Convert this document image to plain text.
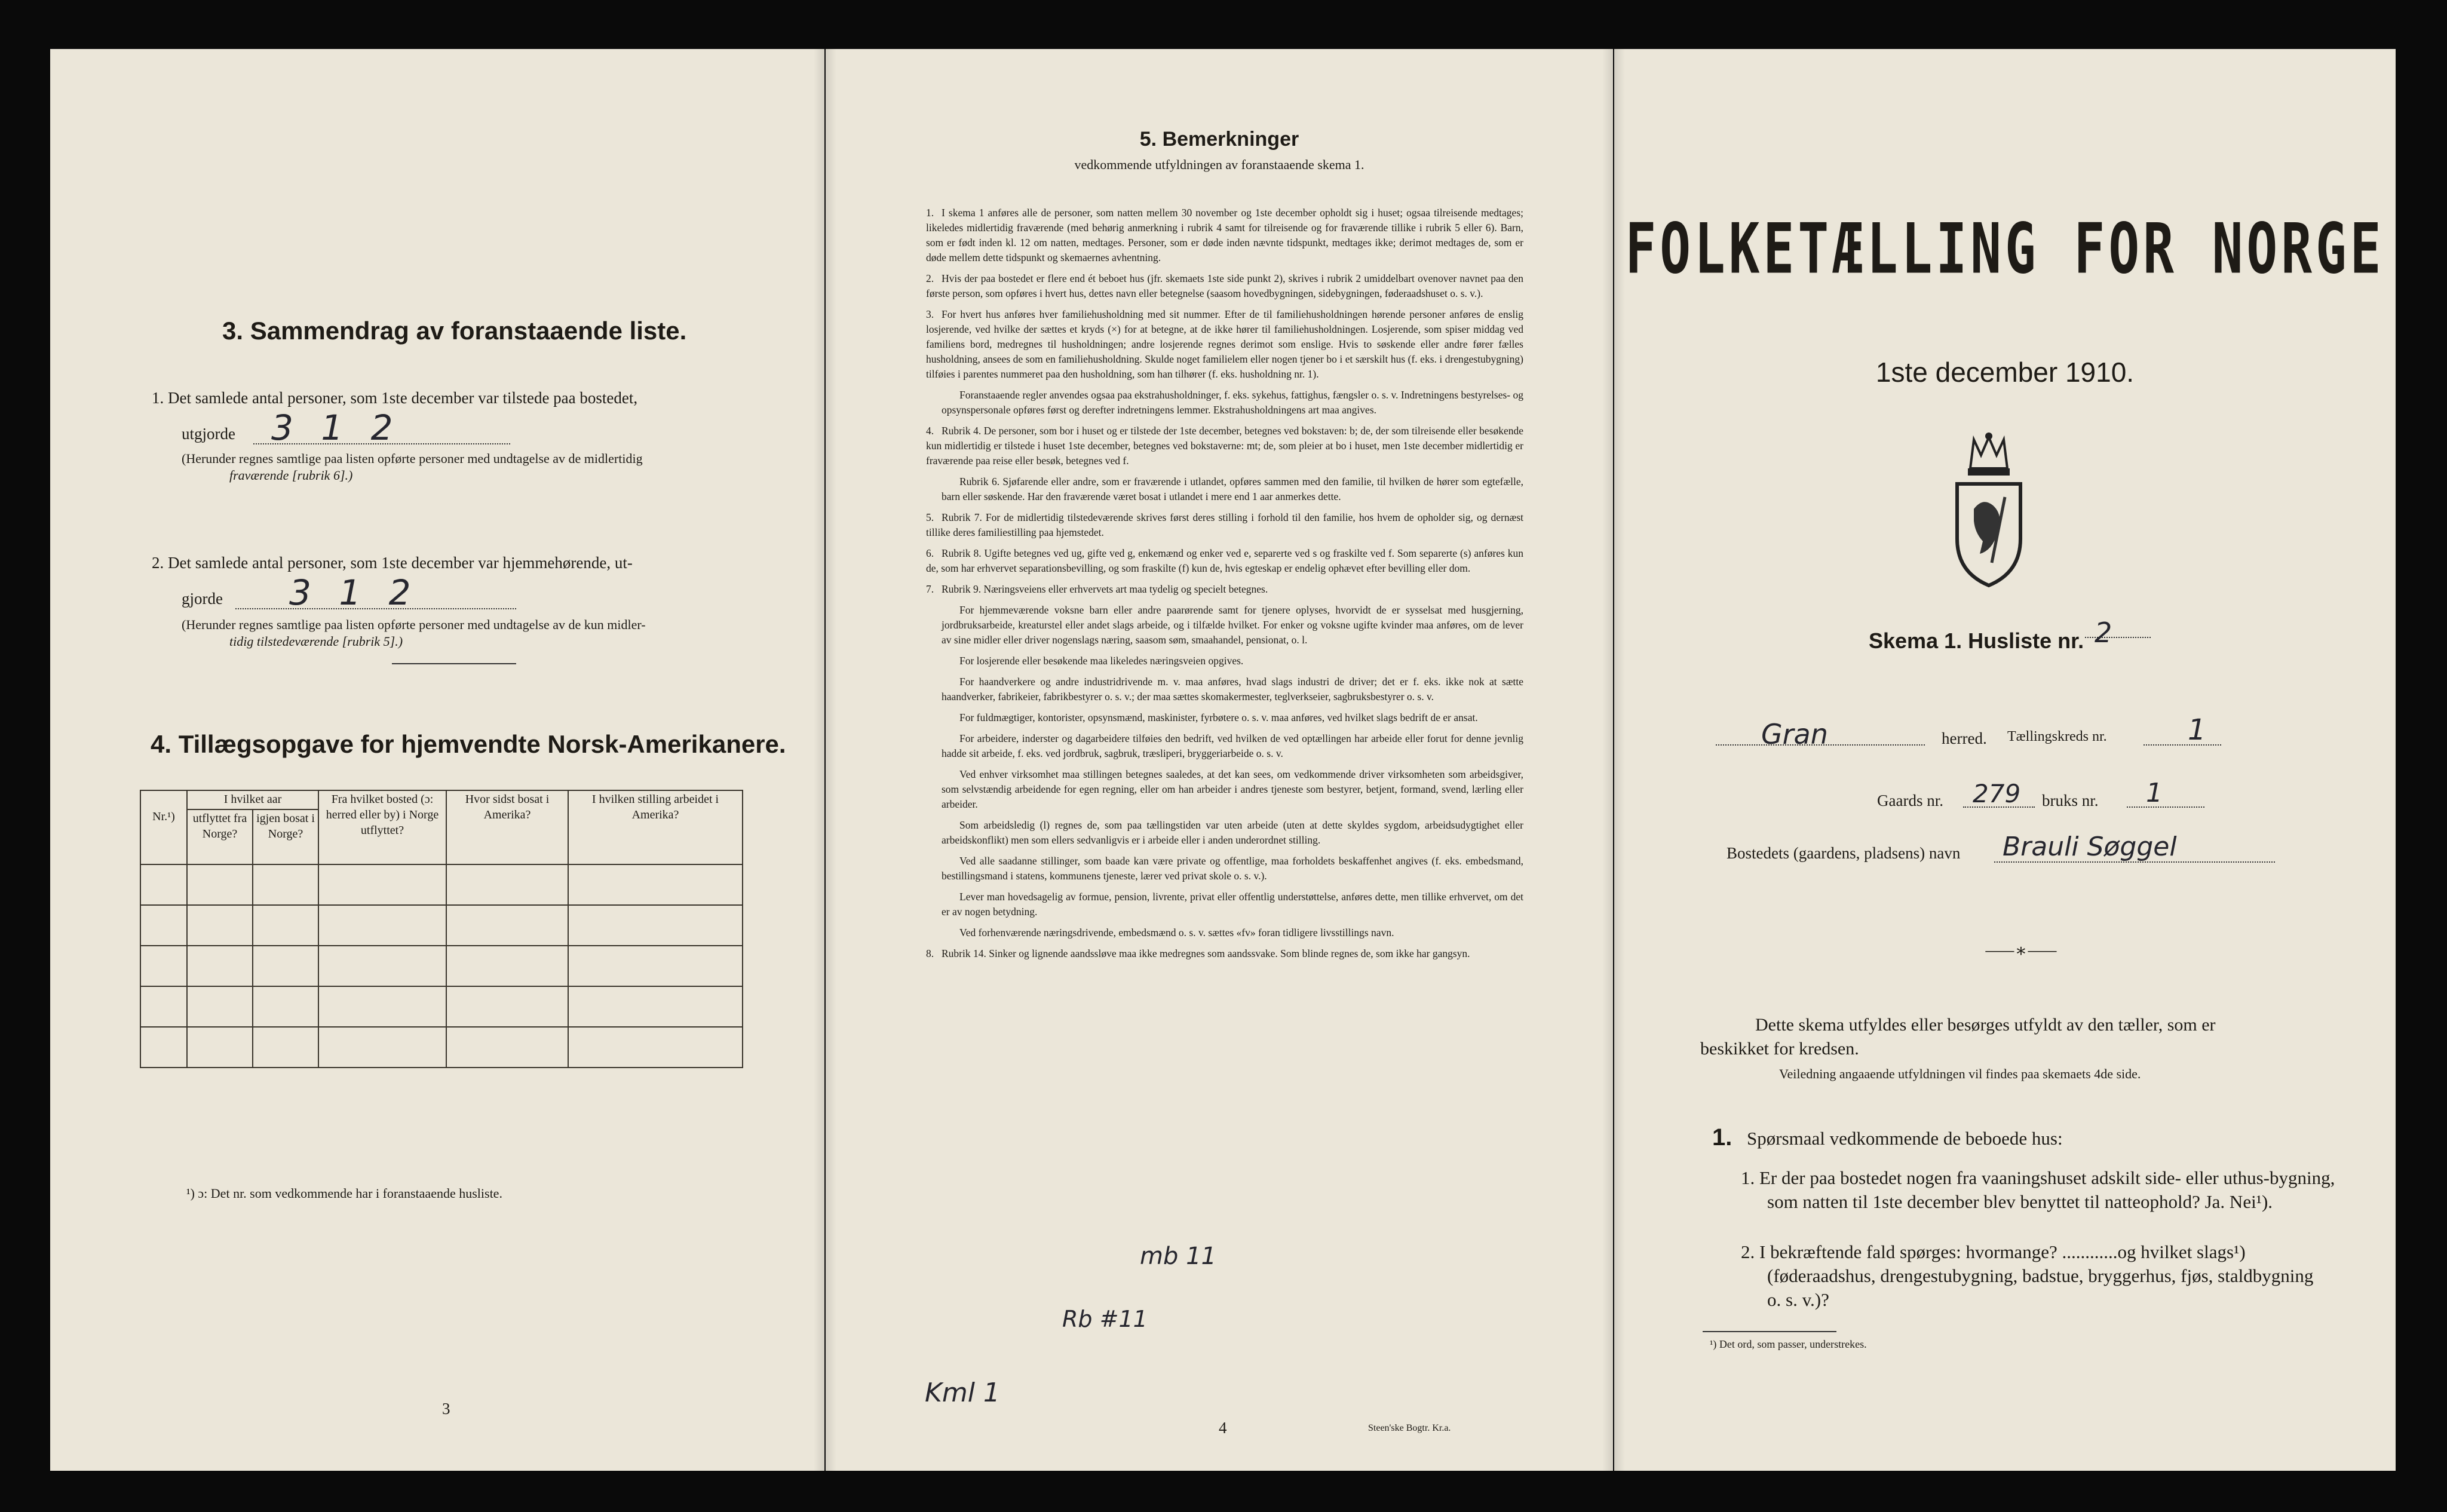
3. Sammendrag av foranstaaende liste.
1. Det samlede antal personer, som 1ste december var tilstede paa bostedet,
utgjorde 3 1 2
(Herunder regnes samtlige paa listen opførte personer med undtagelse av de midlertidig
fraværende [rubrik 6].)
2. Det samlede antal personer, som 1ste december var hjemmehørende, ut-
gjorde 3 1 2
(Herunder regnes samtlige paa listen opførte personer med undtagelse av de kun midler-
tidig tilstedeværende [rubrik 5].)
4. Tillægsopgave for hjemvendte Norsk-Amerikanere.
Nr.¹)	I hvilket aar		Fra hvilket bosted (ɔ: herred eller by) i Norge utflyttet?	Hvor sidst bosat i Amerika?	I hvilken stilling arbeidet i Amerika?
	utflyttet fra Norge?	igjen bosat i Norge?			

¹) ɔ: Det nr. som vedkommende har i foranstaaende husliste.
3
5. Bemerkninger
vedkommende utfyldningen av foranstaaende skema 1.

1. I skema 1 anføres alle de personer, som natten mellem 30 november og 1ste december opholdt sig i huset; ogsaa tilreisende medtages; likeledes midlertidig fraværende (med behørig anmerkning i rubrik 4 samt for tilreisende og for fraværende tillike i rubrik 5 eller 6). Barn, som er født inden kl. 12 om natten, medtages. Personer, som er døde inden nævnte tidspunkt, medtages ikke; derimot medtages de, som er døde mellem dette tidspunkt og skemaernes avhentning.

2. Hvis der paa bostedet er flere end ét beboet hus (jfr. skemaets 1ste side punkt 2), skrives i rubrik 2 umiddelbart ovenover navnet paa den første person, som opføres i hvert hus, dettes navn eller betegnelse (saasom hovedbygningen, sidebygningen, føderaadshuset o. s. v.).

3. For hvert hus anføres hver familiehusholdning med sit nummer. Efter de til familiehusholdningen hørende personer anføres de enslig losjerende, ved hvilke der sættes et kryds (×) for at betegne, at de ikke hører til familiehusholdningen. Losjerende, som spiser middag ved familiens bord, medregnes til husholdningen; andre losjerende regnes derimot som enslige. Hvis to søskende eller andre fører fælles husholdning, ansees de som en familiehusholdning. Skulde noget familielem eller nogen tjener bo i et særskilt hus (f. eks. i drengestubygning) tilføies i parentes nummeret paa den husholdning, som han tilhører (f. eks. husholdning nr. 1).

Foranstaaende regler anvendes ogsaa paa ekstrahusholdninger, f. eks. sykehus, fattighus, fængsler o. s. v. Indretningens bestyrelses- og opsynspersonale opføres først og derefter indretningens lemmer. Ekstrahusholdningens art maa angives.

4. Rubrik 4. De personer, som bor i huset og er tilstede der 1ste december, betegnes ved bokstaven: b; de, der som tilreisende eller besøkende kun midlertidig er tilstede i huset 1ste december, betegnes ved bokstaverne: mt; de, som pleier at bo i huset, men 1ste december midlertidig er fraværende paa reise eller besøk, betegnes ved f.

Rubrik 6. Sjøfarende eller andre, som er fraværende i utlandet, opføres sammen med den familie, til hvilken de hører som egtefælle, barn eller søskende. Har den fraværende været bosat i utlandet i mere end 1 aar anmerkes dette.

5. Rubrik 7. For de midlertidig tilstedeværende skrives først deres stilling i forhold til den familie, hos hvem de opholder sig, og dernæst tillike deres familiestilling paa hjemstedet.

6. Rubrik 8. Ugifte betegnes ved ug, gifte ved g, enkemænd og enker ved e, separerte ved s og fraskilte ved f. Som separerte (s) anføres kun de, som har erhvervet separationsbevilling, og som fraskilte (f) kun de, hvis egteskap er endelig ophævet efter bevilling eller dom.

7. Rubrik 9. Næringsveiens eller erhvervets art maa tydelig og specielt betegnes.

For hjemmeværende voksne barn eller andre paarørende samt for tjenere oplyses, hvorvidt de er sysselsat med husgjerning, jordbruksarbeide, kreaturstel eller andet slags arbeide, og i tilfælde hvilket. For enker og voksne ugifte kvinder maa anføres, om de lever av sine midler eller driver nogenslags næring, saasom søm, smaahandel, pensionat, o. l.

For losjerende eller besøkende maa likeledes næringsveien opgives.

For haandverkere og andre industridrivende m. v. maa anføres, hvad slags industri de driver; det er f. eks. ikke nok at sætte haandverker, fabrikeier, fabrikbestyrer o. s. v.; der maa sættes skomakermester, teglverkseier, sagbruksbestyrer o. s. v.

For fuldmægtiger, kontorister, opsynsmænd, maskinister, fyrbøtere o. s. v. maa anføres, ved hvilket slags bedrift de er ansat.

For arbeidere, inderster og dagarbeidere tilføies den bedrift, ved hvilken de ved optællingen har arbeide eller forut for denne jevnlig hadde sit arbeide, f. eks. ved jordbruk, sagbruk, træsliperi, bryggeriarbeide o. s. v.

Ved enhver virksomhet maa stillingen betegnes saaledes, at det kan sees, om vedkommende driver virksomheten som arbeidsgiver, som selvstændig arbeidende for egen regning, eller om han arbeider i andres tjeneste som bestyrer, betjent, formand, svend, lærling eller arbeider.

Som arbeidsledig (l) regnes de, som paa tællingstiden var uten arbeide (uten at dette skyldes sygdom, arbeidsudygtighet eller arbeidskonflikt) men som ellers sedvanligvis er i arbeide eller i anden underordnet stilling.

Ved alle saadanne stillinger, som baade kan være private og offentlige, maa forholdets beskaffenhet angives (f. eks. embedsmand, bestillingsmand i statens, kommunens tjeneste, lærer ved privat skole o. s. v.).

Lever man hovedsagelig av formue, pension, livrente, privat eller offentlig understøttelse, anføres dette, men tillike erhvervet, om det er av nogen betydning.

Ved forhenværende næringsdrivende, embedsmænd o. s. v. sættes «fv» foran tidligere livsstillings navn.

8. Rubrik 14. Sinker og lignende aandssløve maa ikke medregnes som aandssvake. Som blinde regnes de, som ikke har gangsyn.

mb 11
Rb #11
Kml 1
4	Steen'ske Bogtr. Kr.a.
FOLKETÆLLING FOR NORGE
1ste december 1910.
Skema 1. Husliste nr. 2
Gran	herred. Tællingskreds nr.	1
Gaards nr. 279 bruks nr. 1
Bostedets (gaardens, pladsens) navn Brauli Søggel
⸺∗⸺
Dette skema utfyldes eller besørges utfyldt av den tæller, som er
beskikket for kredsen.
Veiledning angaaende utfyldningen vil findes paa skemaets 4de side.
1. Spørsmaal vedkommende de beboede hus:
1. Er der paa bostedet nogen fra vaaningshuset adskilt side- eller uthus-bygning, som natten til 1ste december blev benyttet til natteophold? Ja. Nei¹).
2. I bekræftende fald spørges: hvormange? ............og hvilket slags¹)
(føderaadshus, drengestubygning, badstue, bryggerhus, fjøs, staldbygning o. s. v.)?
¹) Det ord, som passer, understrekes.
